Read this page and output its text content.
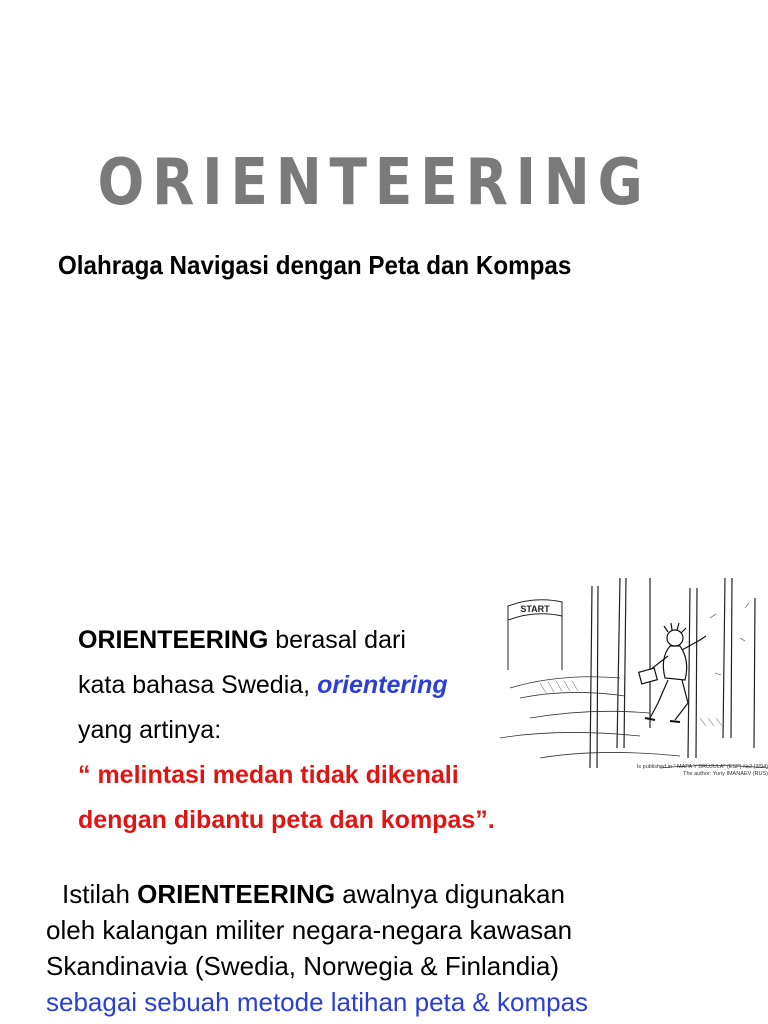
ORIENTEERING
Olahraga Navigasi dengan Peta dan Kompas
ORIENTEERING berasal dari
kata bahasa Swedia, orientering
yang artinya:
“ melintasi medan tidak dikenali
dengan dibantu peta dan kompas”.
Istilah ORIENTEERING awalnya digunakan
oleh kalangan militer negara-negara kawasan
Skandinavia (Swedia, Norwegia & Finlandia)
sebagai sebuah metode latihan peta & kompas
START
Is published in " MAPA Y BRÚJULA" (ESP) №2 (3/94)
The author: Yuriy IMANAEV (RUS)
